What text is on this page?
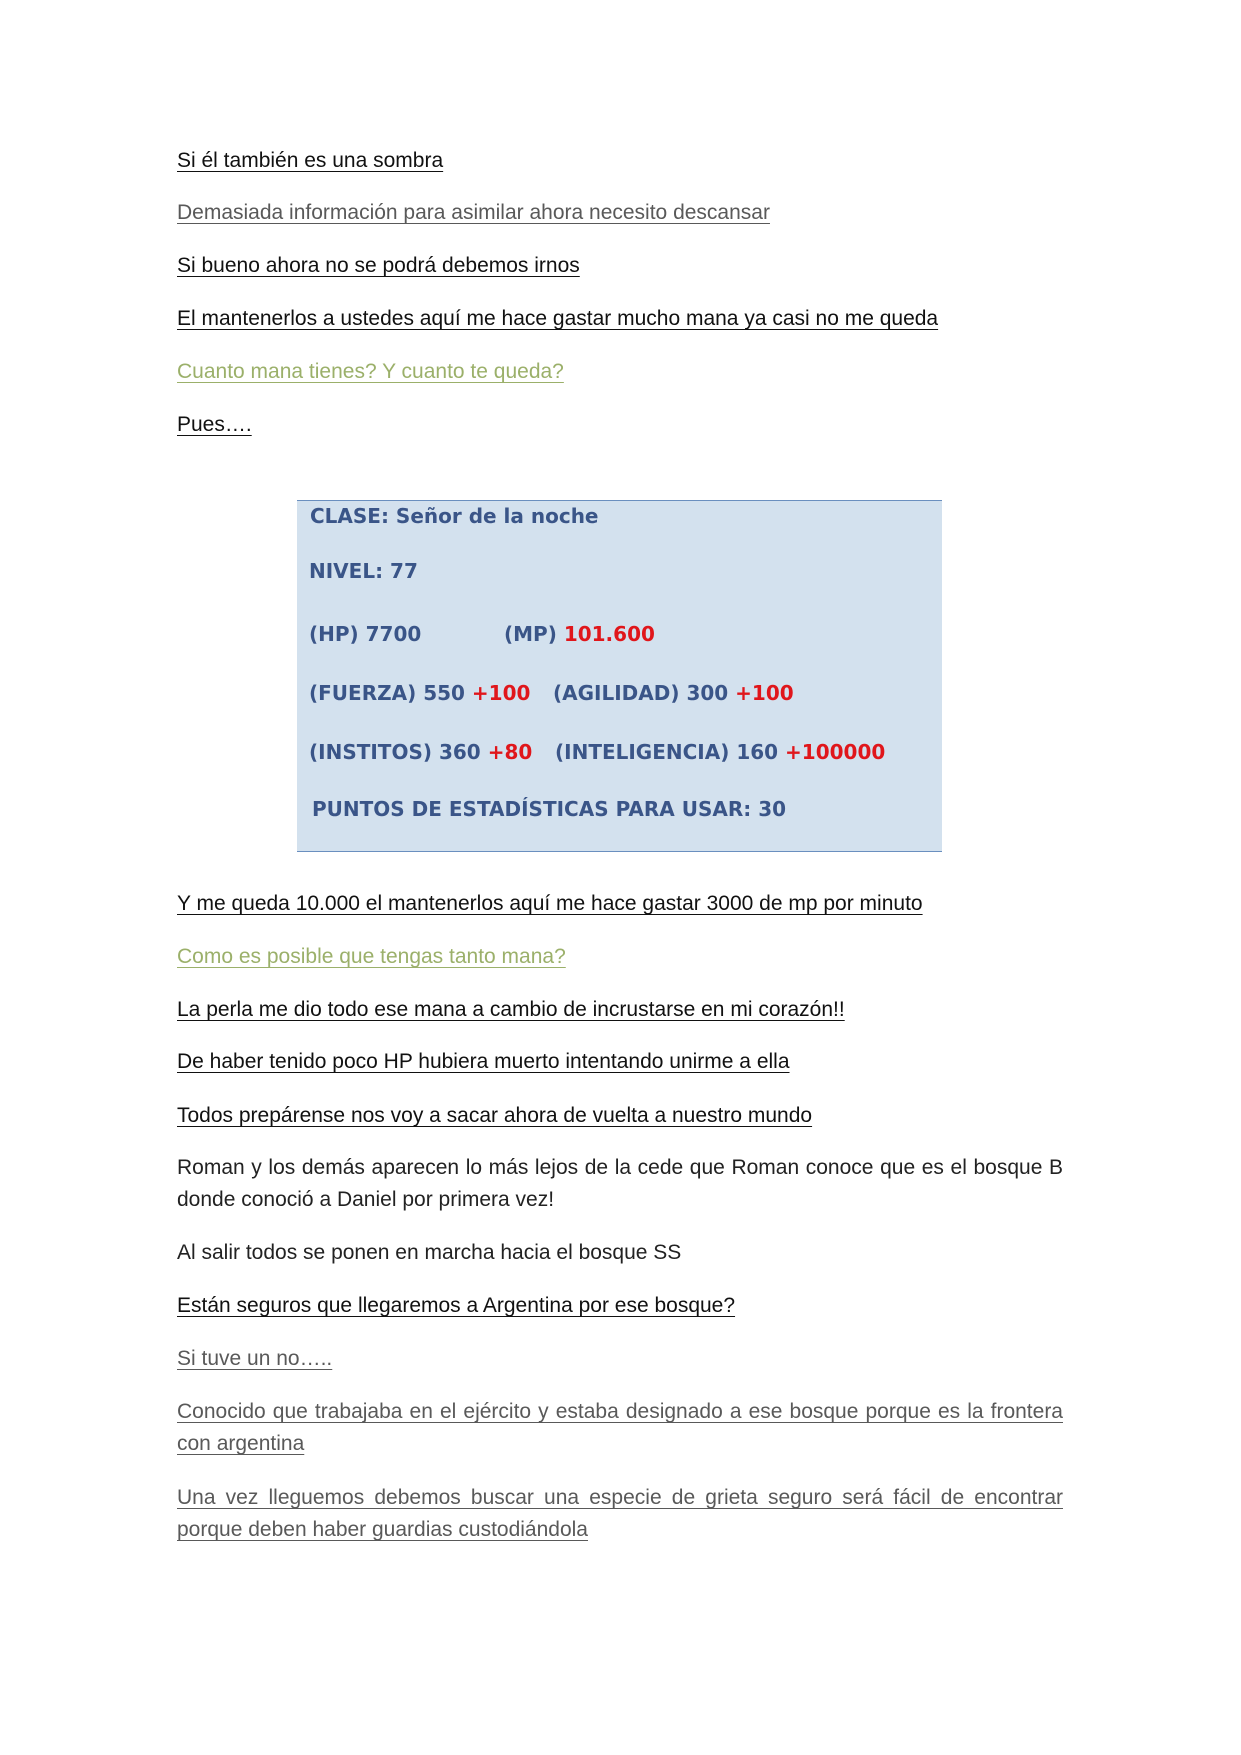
Si él también es una sombra
Demasiada información para asimilar ahora necesito descansar
Si bueno ahora no se podrá debemos irnos
El mantenerlos a ustedes aquí me hace gastar mucho mana ya casi no me queda
Cuanto mana tienes? Y cuanto te queda?
Pues….
CLASE: Señor de la noche
NIVEL: 77
(HP) 7700	(MP) 101.600
(FUERZA) 550 +100 (AGILIDAD) 300 +100
(INSTITOS) 360 +80 (INTELIGENCIA) 160 +100000
PUNTOS DE ESTADÍSTICAS PARA USAR: 30
Y me queda 10.000 el mantenerlos aquí me hace gastar 3000 de mp por minuto
Como es posible que tengas tanto mana?
La perla me dio todo ese mana a cambio de incrustarse en mi corazón!!
De haber tenido poco HP hubiera muerto intentando unirme a ella
Todos prepárense nos voy a sacar ahora de vuelta a nuestro mundo
Roman y los demás aparecen lo más lejos de la cede que Roman conoce que es el bosque B donde conoció a Daniel por primera vez!
Al salir todos se ponen en marcha hacia el bosque SS
Están seguros que llegaremos a Argentina por ese bosque?
Si tuve un no…..
Conocido que trabajaba en el ejército y estaba designado a ese bosque porque es la frontera con argentina
Una vez lleguemos debemos buscar una especie de grieta seguro será fácil de encontrar porque deben haber guardias custodiándola
